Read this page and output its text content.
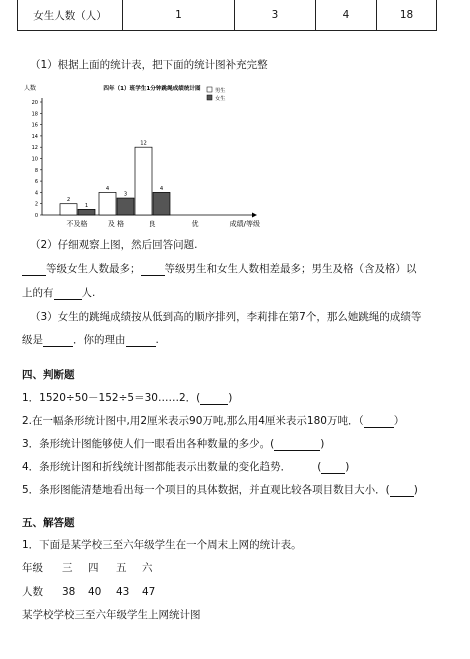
女生人数（人）	1	3	4	18
（1）根据上面的统计表，把下面的统计图补充完整
四年（1）班学生1分钟跳绳成绩统计图
人数
0
2
4
6
8
10
12
14
16
18
20
2
1
不及格
4
3
及 格
12
4
良	优	成绩/等级
男生
女生
（2）仔细观察上图，然后回答问题.
等级女生人数最多； 等级男生和女生人数相差最多；男生及格（含及格）以
上的有	人.
（3）女生的跳绳成绩按从低到高的顺序排列，李莉排在第7个，那么她跳绳的成绩等
级是	．你的理由	.
四、判断题
1．1520÷50－152÷5＝30……2．(	)
2.在一幅条形统计图中,用2厘米表示90万吨,那么用4厘米表示180万吨．（	）
3．条形统计图能够使人们一眼看出各种数量的多少。(	)
4．条形统计图和折线统计图都能表示出数量的变化趋势． ( )
5．条形图能清楚地看出每一个项目的具体数据，并直观比较各项目数目大小．( )
五、解答题
1．下面是某学校三至六年级学生在一个周末上网的统计表。
年级 三 四 五 六
人数 38 40 43 47
某学校学校三至六年级学生上网统计图
